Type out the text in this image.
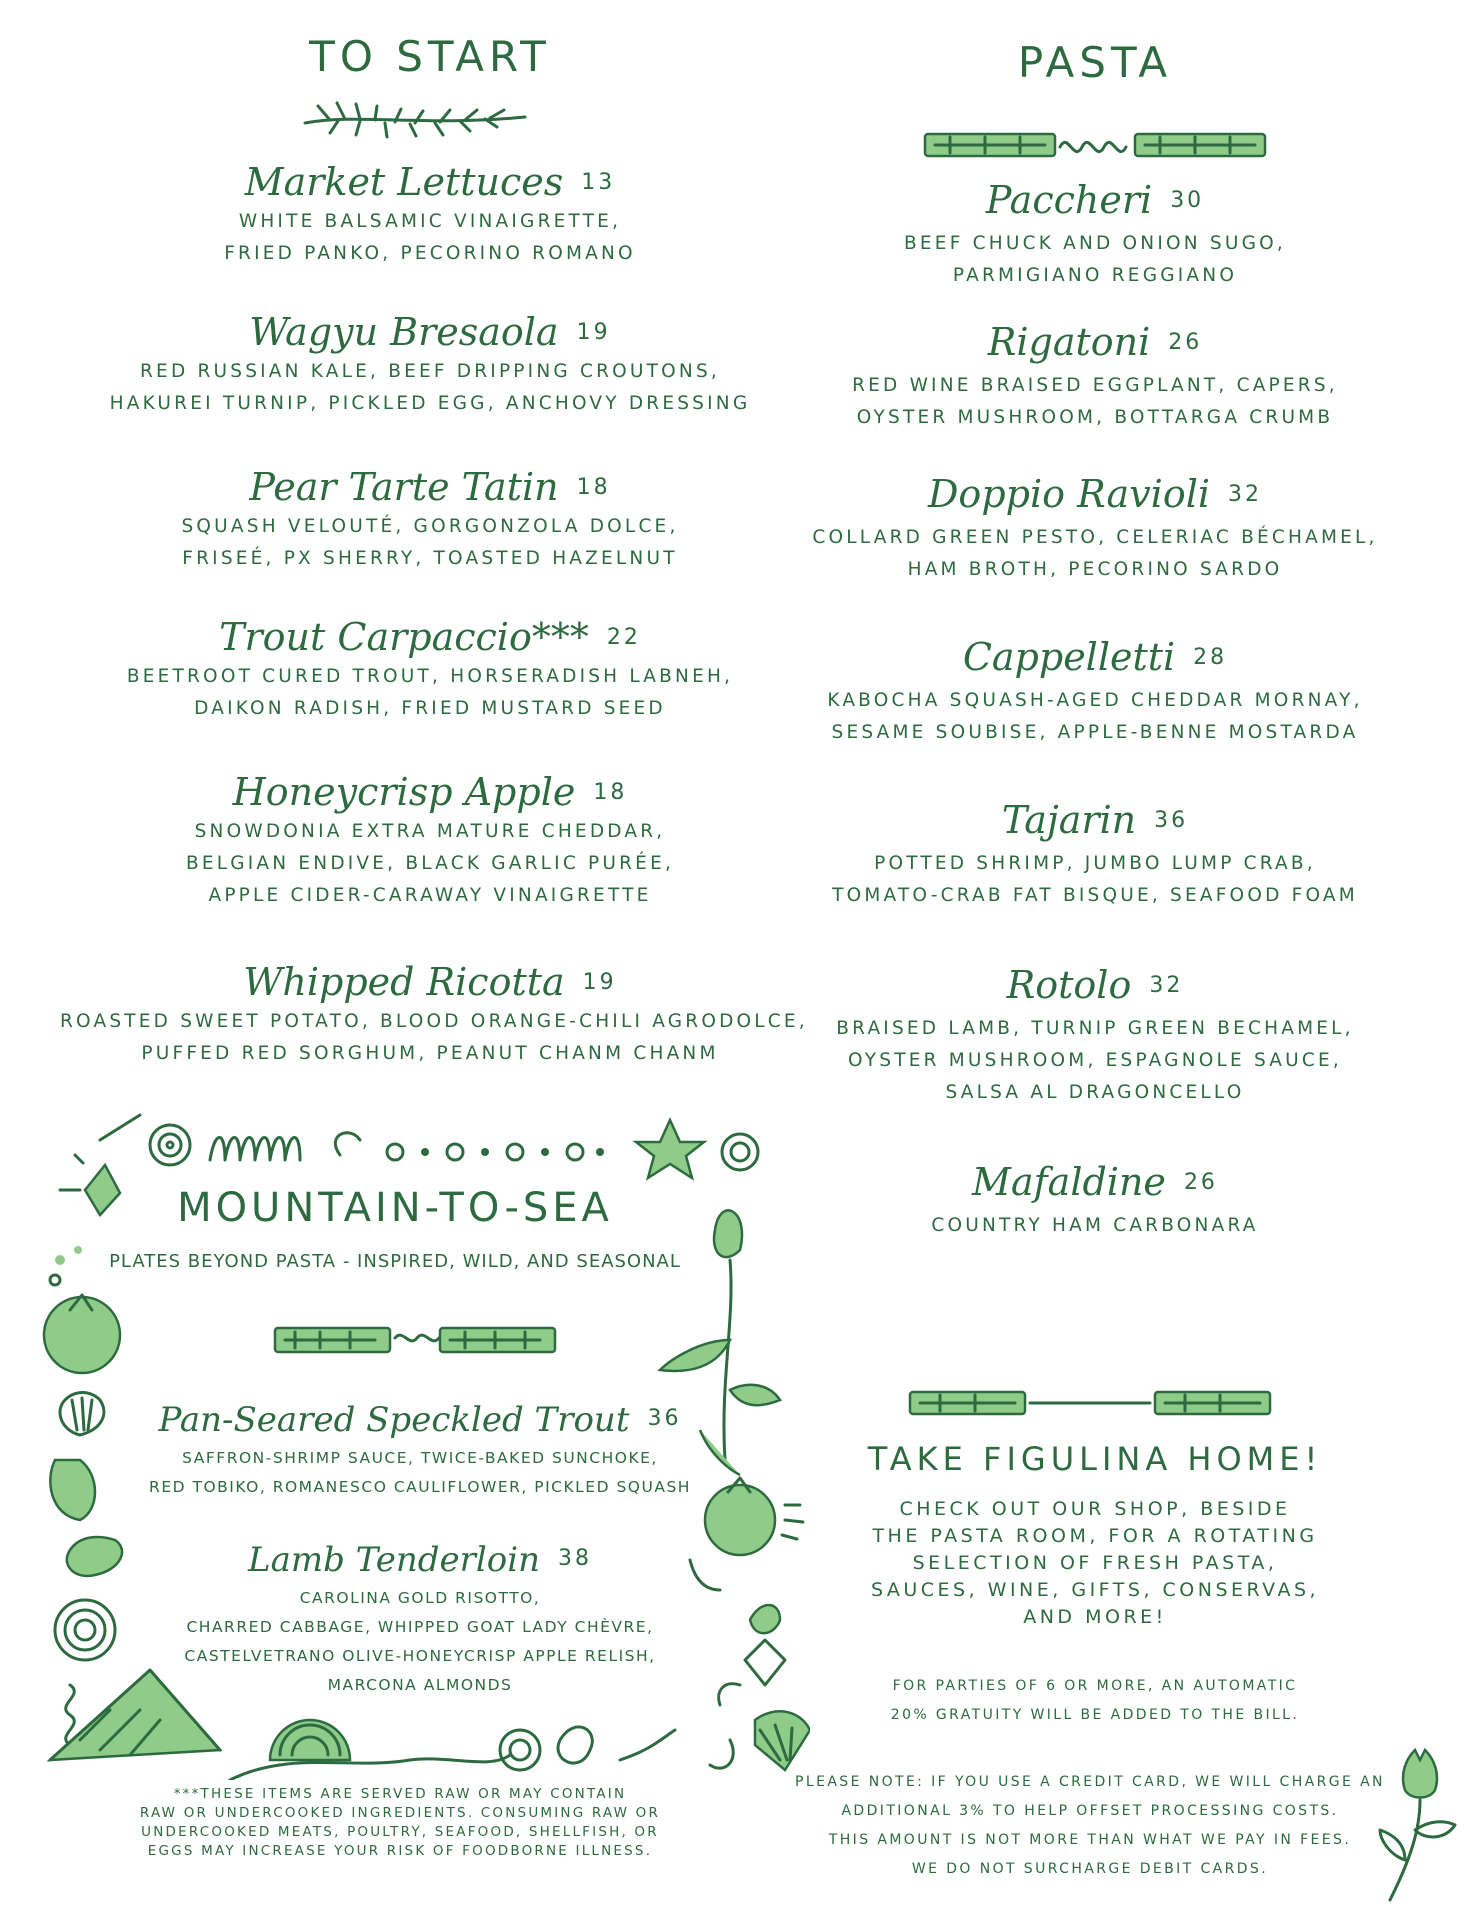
TO START
Market Lettuces 13
WHITE BALSAMIC VINAIGRETTE,
FRIED PANKO, PECORINO ROMANO
Wagyu Bresaola 19
RED RUSSIAN KALE, BEEF DRIPPING CROUTONS,
HAKUREI TURNIP, PICKLED EGG, ANCHOVY DRESSING
Pear Tarte Tatin 18
SQUASH VELOUTÉ, GORGONZOLA DOLCE,
FRISEÉ, PX SHERRY, TOASTED HAZELNUT
Trout Carpaccio*** 22
BEETROOT CURED TROUT, HORSERADISH LABNEH,
DAIKON RADISH, FRIED MUSTARD SEED
Honeycrisp Apple 18
SNOWDONIA EXTRA MATURE CHEDDAR,
BELGIAN ENDIVE, BLACK GARLIC PURÉE,
APPLE CIDER-CARAWAY VINAIGRETTE
Whipped Ricotta 19
ROASTED SWEET POTATO, BLOOD ORANGE-CHILI AGRODOLCE,
PUFFED RED SORGHUM, PEANUT CHANM CHANM
MOUNTAIN-TO-SEA
PLATES BEYOND PASTA - INSPIRED, WILD, AND SEASONAL
Pan-Seared Speckled Trout 36
SAFFRON-SHRIMP SAUCE, TWICE-BAKED SUNCHOKE,
RED TOBIKO, ROMANESCO CAULIFLOWER, PICKLED SQUASH
Lamb Tenderloin 38
CAROLINA GOLD RISOTTO,
CHARRED CABBAGE, WHIPPED GOAT LADY CHÈVRE,
CASTELVETRANO OLIVE-HONEYCRISP APPLE RELISH,
MARCONA ALMONDS
***THESE ITEMS ARE SERVED RAW OR MAY CONTAIN
RAW OR UNDERCOOKED INGREDIENTS. CONSUMING RAW OR
UNDERCOOKED MEATS, POULTRY, SEAFOOD, SHELLFISH, OR
EGGS MAY INCREASE YOUR RISK OF FOODBORNE ILLNESS.
PASTA
Paccheri 30
BEEF CHUCK AND ONION SUGO,
PARMIGIANO REGGIANO
Rigatoni 26
RED WINE BRAISED EGGPLANT, CAPERS,
OYSTER MUSHROOM, BOTTARGA CRUMB
Doppio Ravioli 32
COLLARD GREEN PESTO, CELERIAC BÉCHAMEL,
HAM BROTH, PECORINO SARDO
Cappelletti 28
KABOCHA SQUASH-AGED CHEDDAR MORNAY,
SESAME SOUBISE, APPLE-BENNE MOSTARDA
Tajarin 36
POTTED SHRIMP, JUMBO LUMP CRAB,
TOMATO-CRAB FAT BISQUE, SEAFOOD FOAM
Rotolo 32
BRAISED LAMB, TURNIP GREEN BECHAMEL,
OYSTER MUSHROOM, ESPAGNOLE SAUCE,
SALSA AL DRAGONCELLO
Mafaldine 26
COUNTRY HAM CARBONARA
TAKE FIGULINA HOME!
CHECK OUT OUR SHOP, BESIDE
THE PASTA ROOM, FOR A ROTATING
SELECTION OF FRESH PASTA,
SAUCES, WINE, GIFTS, CONSERVAS,
AND MORE!
FOR PARTIES OF 6 OR MORE, AN AUTOMATIC
20% GRATUITY WILL BE ADDED TO THE BILL.
PLEASE NOTE: IF YOU USE A CREDIT CARD, WE WILL CHARGE AN
ADDITIONAL 3% TO HELP OFFSET PROCESSING COSTS.
THIS AMOUNT IS NOT MORE THAN WHAT WE PAY IN FEES.
WE DO NOT SURCHARGE DEBIT CARDS.
